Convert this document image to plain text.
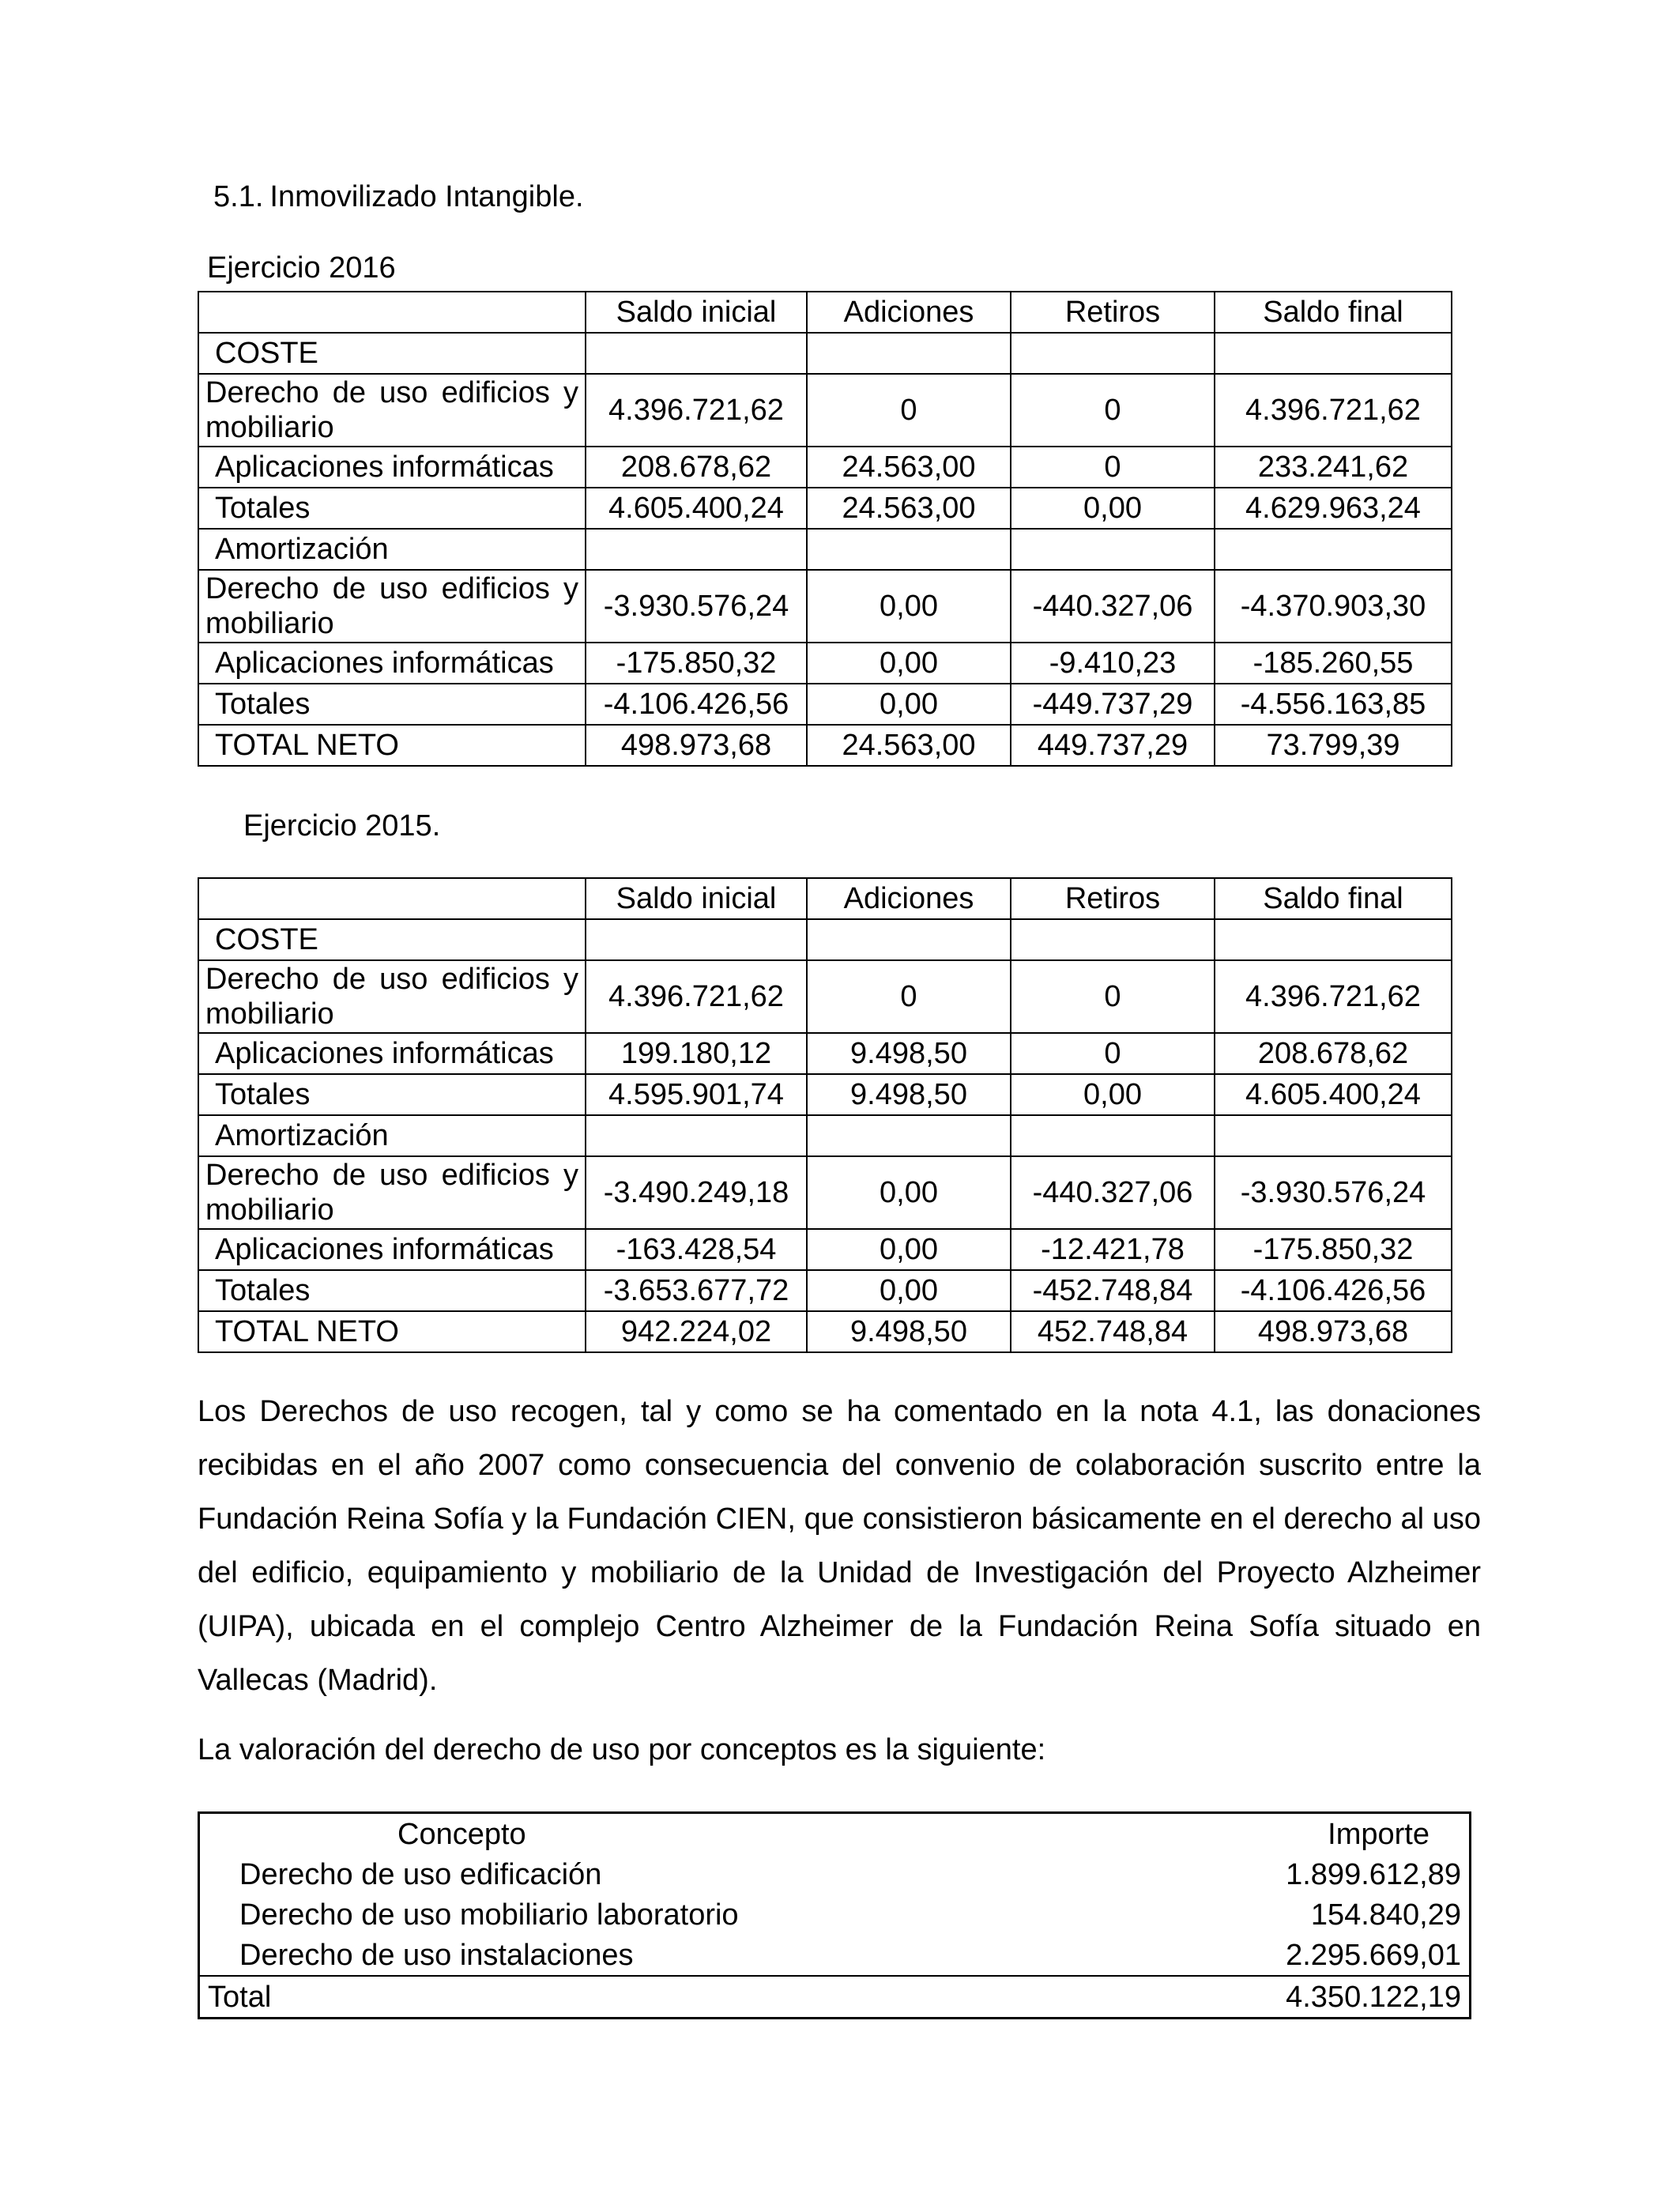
5.1. Inmovilizado Intangible.

Ejercicio 2016

	Saldo inicial	Adiciones	Retiros	Saldo final
COSTE				
Derecho de uso edificios y mobiliario	4.396.721,62	0	0	4.396.721,62
Aplicaciones informáticas	208.678,62	24.563,00	0	233.241,62
Totales	4.605.400,24	24.563,00	0,00	4.629.963,24
Amortización				
Derecho de uso edificios y mobiliario	-3.930.576,24	0,00	-440.327,06	-4.370.903,30
Aplicaciones informáticas	-175.850,32	0,00	-9.410,23	-185.260,55
Totales	-4.106.426,56	0,00	-449.737,29	-4.556.163,85
TOTAL NETO	498.973,68	24.563,00	449.737,29	73.799,39

Ejercicio 2015.

	Saldo inicial	Adiciones	Retiros	Saldo final
COSTE				
Derecho de uso edificios y mobiliario	4.396.721,62	0	0	4.396.721,62
Aplicaciones informáticas	199.180,12	9.498,50	0	208.678,62
Totales	4.595.901,74	9.498,50	0,00	4.605.400,24
Amortización				
Derecho de uso edificios y mobiliario	-3.490.249,18	0,00	-440.327,06	-3.930.576,24
Aplicaciones informáticas	-163.428,54	0,00	-12.421,78	-175.850,32
Totales	-3.653.677,72	0,00	-452.748,84	-4.106.426,56
TOTAL NETO	942.224,02	9.498,50	452.748,84	498.973,68

Los Derechos de uso recogen, tal y como se ha comentado en la nota 4.1, las donaciones recibidas en el año 2007 como consecuencia del convenio de colaboración suscrito entre la Fundación Reina Sofía y la Fundación CIEN, que consistieron básicamente en el derecho al uso del edificio, equipamiento y mobiliario de la Unidad de Investigación del Proyecto Alzheimer (UIPA), ubicada en el complejo Centro Alzheimer de la Fundación Reina Sofía situado en Vallecas (Madrid).

La valoración del derecho de uso por conceptos es la siguiente:

Concepto	Importe
Derecho de uso edificación	1.899.612,89
Derecho de uso mobiliario laboratorio	154.840,29
Derecho de uso instalaciones	2.295.669,01
Total	4.350.122,19
